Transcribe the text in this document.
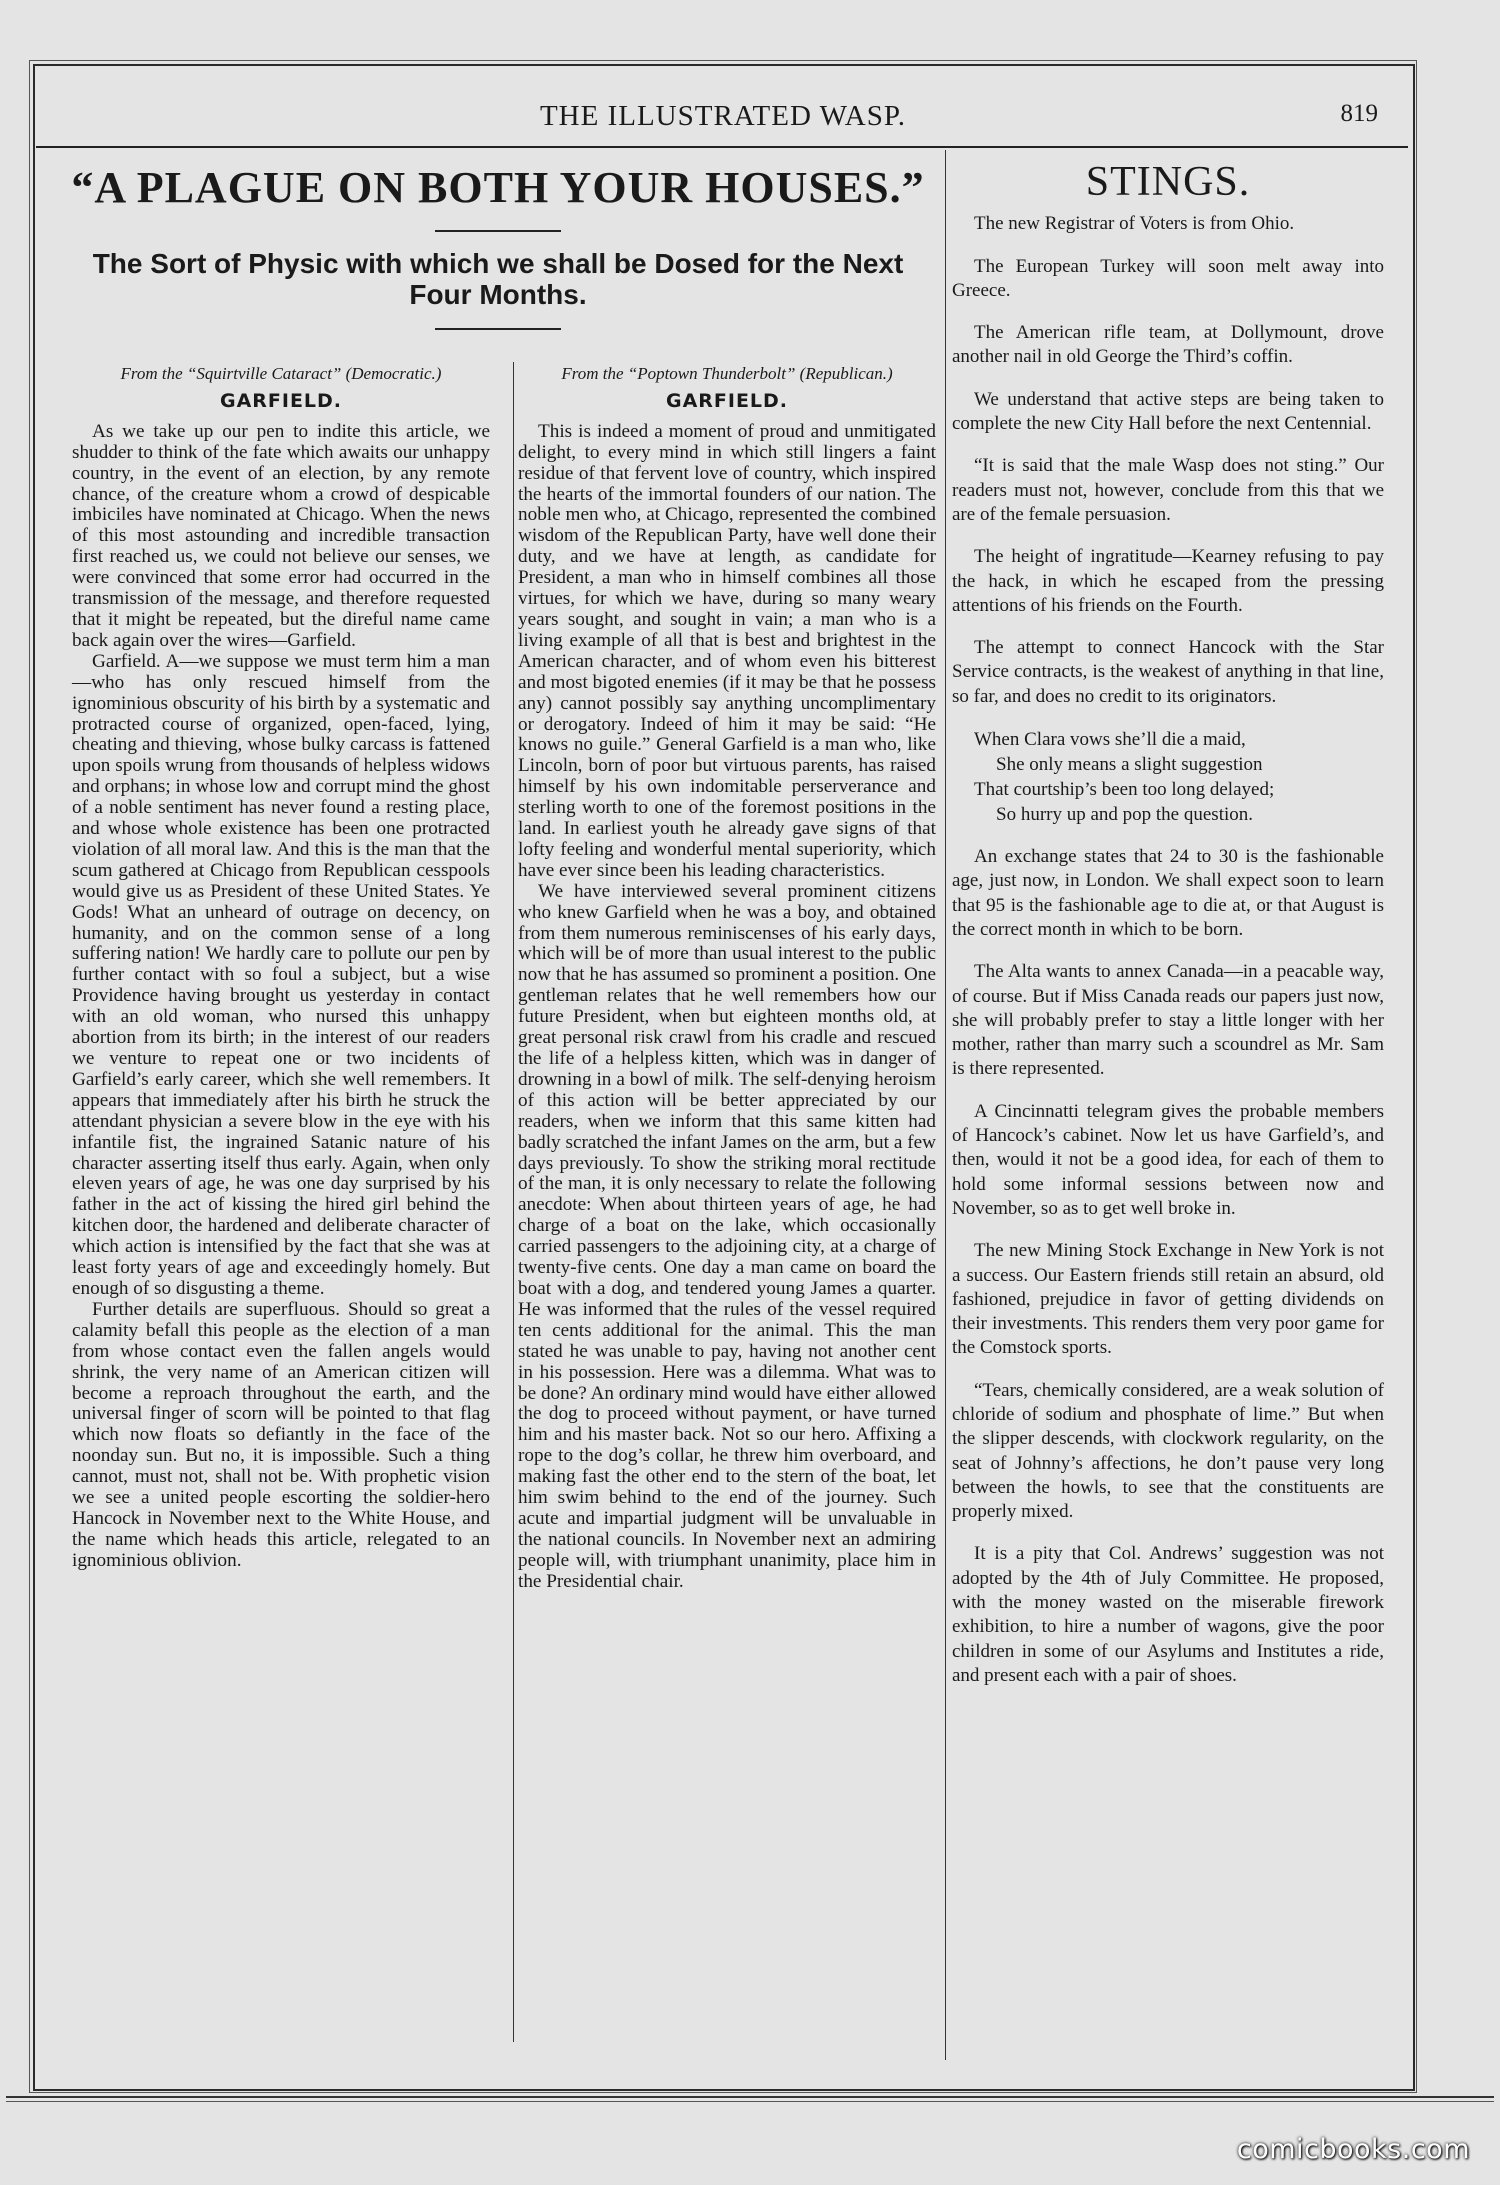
THE ILLUSTRATED WASP.	819
“A PLAGUE ON BOTH YOUR HOUSES.”

The Sort of Physic with which we shall be Dosed for the Next Four Months.

From the “Squirtville Cataract” (Democratic.)
GARFIELD.

As we take up our pen to indite this article, we shudder to think of the fate which awaits our unhappy country, in the event of an election, by any remote chance, of the creature whom a crowd of despicable imbiciles have nominated at Chicago. When the news of this most astounding and incredible transaction first reached us, we could not believe our senses, we were convinced that some error had occurred in the transmission of the message, and therefore requested that it might be repeated, but the direful name came back again over the wires—Garfield.

Garfield. A—we suppose we must term him a man—who has only rescued himself from the ignominious obscurity of his birth by a systematic and protracted course of organized, open-faced, lying, cheating and thieving, whose bulky carcass is fattened upon spoils wrung from thousands of helpless widows and orphans; in whose low and corrupt mind the ghost of a noble sentiment has never found a resting place, and whose whole existence has been one protracted violation of all moral law. And this is the man that the scum gathered at Chicago from Republican cesspools would give us as President of these United States. Ye Gods! What an unheard of outrage on decency, on humanity, and on the common sense of a long suffering nation! We hardly care to pollute our pen by further contact with so foul a subject, but a wise Providence having brought us yesterday in contact with an old woman, who nursed this unhappy abortion from its birth; in the interest of our readers we venture to repeat one or two incidents of Garfield’s early career, which she well remembers. It appears that immediately after his birth he struck the attendant physician a severe blow in the eye with his infantile fist, the ingrained Satanic nature of his character asserting itself thus early. Again, when only eleven years of age, he was one day surprised by his father in the act of kissing the hired girl behind the kitchen door, the hardened and deliberate character of which action is intensified by the fact that she was at least forty years of age and exceedingly homely. But enough of so disgusting a theme.

Further details are superfluous. Should so great a calamity befall this people as the election of a man from whose contact even the fallen angels would shrink, the very name of an American citizen will become a reproach throughout the earth, and the universal finger of scorn will be pointed to that flag which now floats so defiantly in the face of the noonday sun. But no, it is impossible. Such a thing cannot, must not, shall not be. With prophetic vision we see a united people escorting the soldier-hero Hancock in November next to the White House, and the name which heads this article, relegated to an ignominious oblivion.

From the “Poptown Thunderbolt” (Republican.)
GARFIELD.

This is indeed a moment of proud and unmitigated delight, to every mind in which still lingers a faint residue of that fervent love of country, which inspired the hearts of the immortal founders of our nation. The noble men who, at Chicago, represented the combined wisdom of the Republican Party, have well done their duty, and we have at length, as candidate for President, a man who in himself combines all those virtues, for which we have, during so many weary years sought, and sought in vain; a man who is a living example of all that is best and brightest in the American character, and of whom even his bitterest and most bigoted enemies (if it may be that he possess any) cannot possibly say anything uncomplimentary or derogatory. Indeed of him it may be said: “He knows no guile.” General Garfield is a man who, like Lincoln, born of poor but virtuous parents, has raised himself by his own indomitable perserverance and sterling worth to one of the foremost positions in the land. In earliest youth he already gave signs of that lofty feeling and wonderful mental superiority, which have ever since been his leading characteristics.

We have interviewed several prominent citizens who knew Garfield when he was a boy, and obtained from them numerous reminiscenses of his early days, which will be of more than usual interest to the public now that he has assumed so prominent a position. One gentleman relates that he well remembers how our future President, when but eighteen months old, at great personal risk crawl from his cradle and rescued the life of a helpless kitten, which was in danger of drowning in a bowl of milk. The self-denying heroism of this action will be better appreciated by our readers, when we inform that this same kitten had badly scratched the infant James on the arm, but a few days previously. To show the striking moral rectitude of the man, it is only necessary to relate the following anecdote: When about thirteen years of age, he had charge of a boat on the lake, which occasionally carried passengers to the adjoining city, at a charge of twenty-five cents. One day a man came on board the boat with a dog, and tendered young James a quarter. He was informed that the rules of the vessel required ten cents additional for the animal. This the man stated he was unable to pay, having not another cent in his possession. Here was a dilemma. What was to be done? An ordinary mind would have either allowed the dog to proceed without payment, or have turned him and his master back. Not so our hero. Affixing a rope to the dog’s collar, he threw him overboard, and making fast the other end to the stern of the boat, let him swim behind to the end of the journey. Such acute and impartial judgment will be unvaluable in the national councils. In November next an admiring people will, with triumphant unanimity, place him in the Presidential chair.

STINGS.

The new Registrar of Voters is from Ohio.

The European Turkey will soon melt away into Greece.

The American rifle team, at Dollymount, drove another nail in old George the Third’s coffin.

We understand that active steps are being taken to complete the new City Hall before the next Centennial.

“It is said that the male Wasp does not sting.” Our readers must not, however, conclude from this that we are of the female persuasion.

The height of ingratitude—Kearney refusing to pay the hack, in which he escaped from the pressing attentions of his friends on the Fourth.

The attempt to connect Hancock with the Star Service contracts, is the weakest of anything in that line, so far, and does no credit to its originators.

When Clara vows she’ll die a maid,
She only means a slight suggestion
That courtship’s been too long delayed;
So hurry up and pop the question.

An exchange states that 24 to 30 is the fashionable age, just now, in London. We shall expect soon to learn that 95 is the fashionable age to die at, or that August is the correct month in which to be born.

The Alta wants to annex Canada—in a peacable way, of course. But if Miss Canada reads our papers just now, she will probably prefer to stay a little longer with her mother, rather than marry such a scoundrel as Mr. Sam is there represented.

A Cincinnatti telegram gives the probable members of Hancock’s cabinet. Now let us have Garfield’s, and then, would it not be a good idea, for each of them to hold some informal sessions between now and November, so as to get well broke in.

The new Mining Stock Exchange in New York is not a success. Our Eastern friends still retain an absurd, old fashioned, prejudice in favor of getting dividends on their investments. This renders them very poor game for the Comstock sports.

“Tears, chemically considered, are a weak solution of chloride of sodium and phosphate of lime.” But when the slipper descends, with clockwork regularity, on the seat of Johnny’s affections, he don’t pause very long between the howls, to see that the constituents are properly mixed.

It is a pity that Col. Andrews’ suggestion was not adopted by the 4th of July Committee. He proposed, with the money wasted on the miserable firework exhibition, to hire a number of wagons, give the poor children in some of our Asylums and Institutes a ride, and present each with a pair of shoes.

comicbooks.com
